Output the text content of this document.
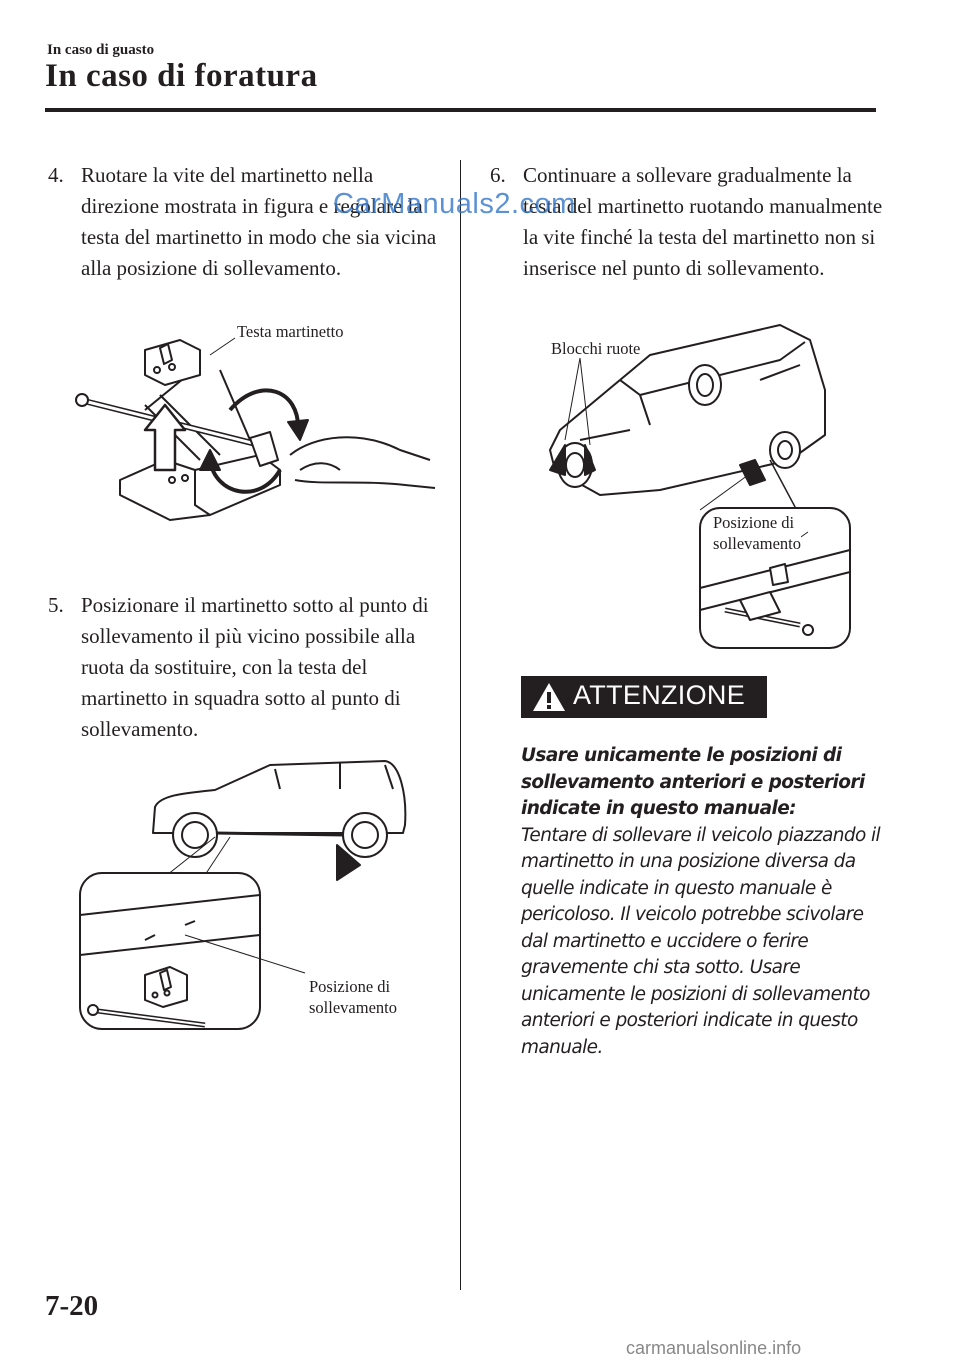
In caso di guasto
In caso di foratura
4. Ruotare la vite del martinetto nella direzione mostrata in figura e regolare la testa del martinetto in modo che sia vicina alla posizione di sollevamento.
Testa martinetto
5. Posizionare il martinetto sotto al punto di sollevamento il più vicino possibile alla ruota da sostituire, con la testa del martinetto in squadra sotto al punto di sollevamento.
Posizione di
sollevamento
6. Continuare a sollevare gradualmente la testa del martinetto ruotando manualmente la vite finché la testa del martinetto non si inserisce nel punto di sollevamento.
CarManuals2.com
Blocchi ruote
Posizione di
sollevamento
ATTENZIONE
Usare unicamente le posizioni di sollevamento anteriori e posteriori indicate in questo manuale:
Tentare di sollevare il veicolo piazzando il martinetto in una posizione diversa da quelle indicate in questo manuale è pericoloso. Il veicolo potrebbe scivolare dal martinetto e uccidere o ferire gravemente chi sta sotto. Usare unicamente le posizioni di sollevamento anteriori e posteriori indicate in questo manuale.
7-20
carmanualsonline.info
